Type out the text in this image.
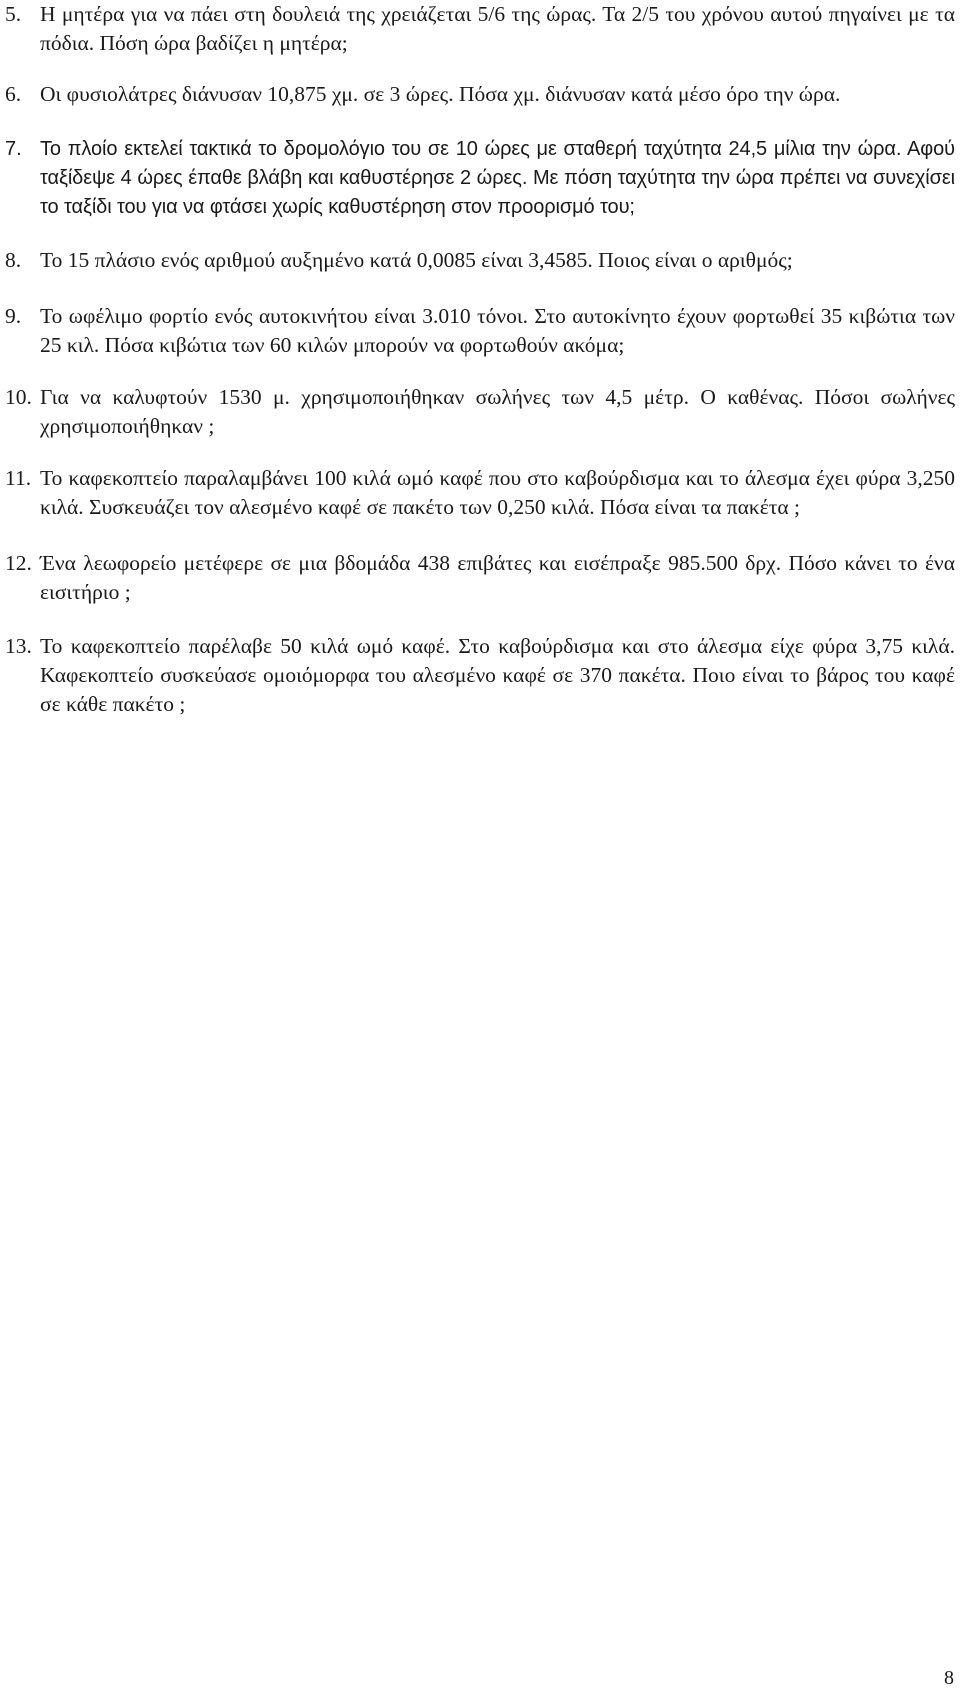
5. Η μητέρα για να πάει στη δουλειά της χρειάζεται 5/6 της ώρας. Τα 2/5 του χρόνου αυτού πηγαίνει με τα πόδια. Πόση ώρα βαδίζει η μητέρα;
6. Οι φυσιολάτρες διάνυσαν 10,875 χμ. σε 3 ώρες. Πόσα χμ. διάνυσαν κατά μέσο όρο την ώρα.
7. Το πλοίο εκτελεί τακτικά το δρομολόγιο του σε 10 ώρες με σταθερή ταχύτητα 24,5 μίλια την ώρα. Αφού ταξίδεψε 4 ώρες έπαθε βλάβη και καθυστέρησε 2 ώρες. Με πόση ταχύτητα την ώρα πρέπει να συνεχίσει το ταξίδι του για να φτάσει χωρίς καθυστέρηση στον προορισμό του;
8. Το 15 πλάσιο ενός αριθμού αυξημένο κατά 0,0085 είναι 3,4585. Ποιος είναι ο αριθμός;
9. Το ωφέλιμο φορτίο ενός αυτοκινήτου είναι 3.010 τόνοι. Στο αυτοκίνητο έχουν φορτωθεί 35 κιβώτια των 25 κιλ. Πόσα κιβώτια των 60 κιλών μπορούν να φορτωθούν ακόμα;
10. Για να καλυφτούν 1530 μ. χρησιμοποιήθηκαν σωλήνες των 4,5 μέτρ. Ο καθένας. Πόσοι σωλήνες χρησιμοποιήθηκαν ;
11. Το καφεκοπτείο παραλαμβάνει 100 κιλά ωμό καφέ που στο καβούρδισμα και το άλεσμα έχει φύρα 3,250 κιλά. Συσκευάζει τον αλεσμένο καφέ σε πακέτο των 0,250 κιλά. Πόσα είναι τα πακέτα ;
12. Ένα λεωφορείο μετέφερε σε μια βδομάδα 438 επιβάτες και εισέπραξε 985.500 δρχ. Πόσο κάνει το ένα εισιτήριο ;
13. Το καφεκοπτείο παρέλαβε 50 κιλά ωμό καφέ. Στο καβούρδισμα και στο άλεσμα είχε φύρα 3,75 κιλά. Καφεκοπτείο συσκεύασε ομοιόμορφα του αλεσμένο καφέ σε 370 πακέτα. Ποιο είναι το βάρος του καφέ σε κάθε πακέτο ;
8
